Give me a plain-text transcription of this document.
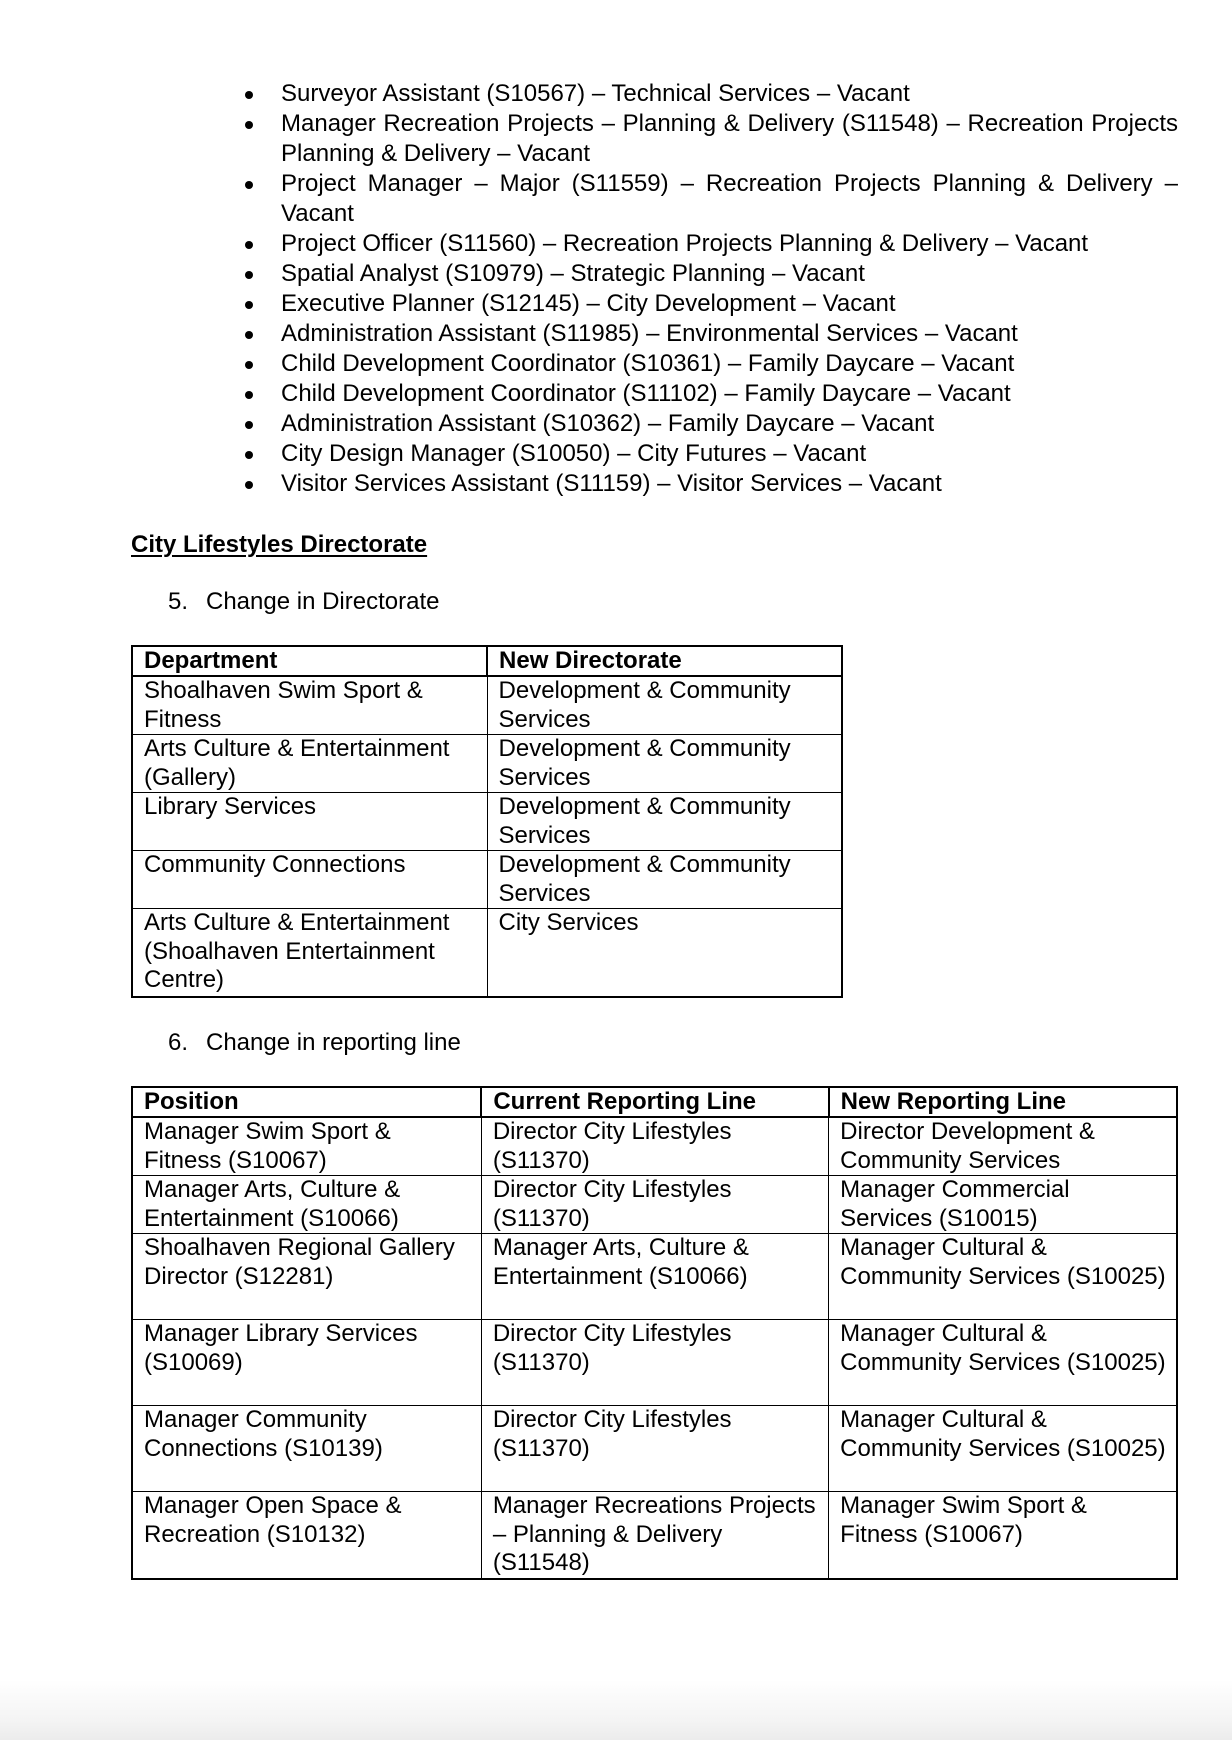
Surveyor Assistant (S10567) – Technical Services – Vacant
Manager Recreation Projects – Planning & Delivery (S11548) – Recreation Projects Planning & Delivery – Vacant
Project Manager – Major (S11559) – Recreation Projects Planning & Delivery – Vacant
Project Officer (S11560) – Recreation Projects Planning & Delivery – Vacant
Spatial Analyst (S10979) – Strategic Planning – Vacant
Executive Planner (S12145) – City Development – Vacant
Administration Assistant (S11985) – Environmental Services – Vacant
Child Development Coordinator (S10361) – Family Daycare – Vacant
Child Development Coordinator (S11102) – Family Daycare – Vacant
Administration Assistant (S10362) – Family Daycare – Vacant
City Design Manager (S10050) – City Futures – Vacant
Visitor Services Assistant (S11159) – Visitor Services – Vacant
City Lifestyles Directorate
5. Change in Directorate
Department	New Directorate
Shoalhaven Swim Sport & Fitness	Development & Community Services
Arts Culture & Entertainment (Gallery)	Development & Community Services
Library Services	Development & Community Services
Community Connections	Development & Community Services
Arts Culture & Entertainment (Shoalhaven Entertainment Centre)	City Services
6. Change in reporting line
Position	Current Reporting Line	New Reporting Line
Manager Swim Sport & Fitness (S10067)	Director City Lifestyles (S11370)	Director Development & Community Services
Manager Arts, Culture & Entertainment (S10066)	Director City Lifestyles (S11370)	Manager Commercial Services (S10015)
Shoalhaven Regional Gallery Director (S12281)	Manager Arts, Culture & Entertainment (S10066)	Manager Cultural & Community Services (S10025)
Manager Library Services (S10069)	Director City Lifestyles (S11370)	Manager Cultural & Community Services (S10025)
Manager Community Connections (S10139)	Director City Lifestyles (S11370)	Manager Cultural & Community Services (S10025)
Manager Open Space & Recreation (S10132)	Manager Recreations Projects – Planning & Delivery (S11548)	Manager Swim Sport & Fitness (S10067)
